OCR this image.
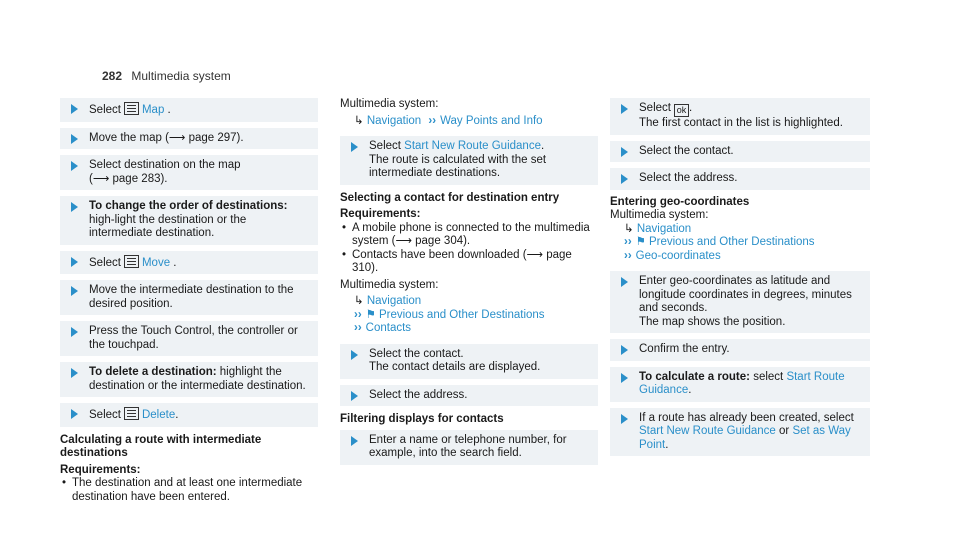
282 Multimedia system
Select Map .
Move the map (⟶ page 297).
Select destination on the map
(⟶ page 283).
To change the order of destinations: high-light the destination or the intermediate destination.
Select Move .
Move the intermediate destination to the desired position.
Press the Touch Control, the controller or the touchpad.
To delete a destination: highlight the destination or the intermediate destination.
Select Delete.
Calculating a route with intermediate destinations
Requirements:
• The destination and at least one intermediate destination have been entered.
Multimedia system:
↳ Navigation ›› Way Points and Info
Select Start New Route Guidance.
The route is calculated with the set intermediate destinations.
Selecting a contact for destination entry
Requirements:
• A mobile phone is connected to the multimedia system (⟶ page 304).
• Contacts have been downloaded (⟶ page 310).
Multimedia system:
↳ Navigation
›› ⚑ Previous and Other Destinations
›› Contacts
Select the contact.
The contact details are displayed.
Select the address.
Filtering displays for contacts
Enter a name or telephone number, for example, into the search field.
Select ok .
The first contact in the list is highlighted.
Select the contact.
Select the address.
Entering geo-coordinates
Multimedia system:
↳ Navigation
›› ⚑ Previous and Other Destinations
›› Geo-coordinates
Enter geo-coordinates as latitude and longitude coordinates in degrees, minutes and seconds.
The map shows the position.
Confirm the entry.
To calculate a route: select Start Route Guidance.
If a route has already been created, select Start New Route Guidance or Set as Way Point.
